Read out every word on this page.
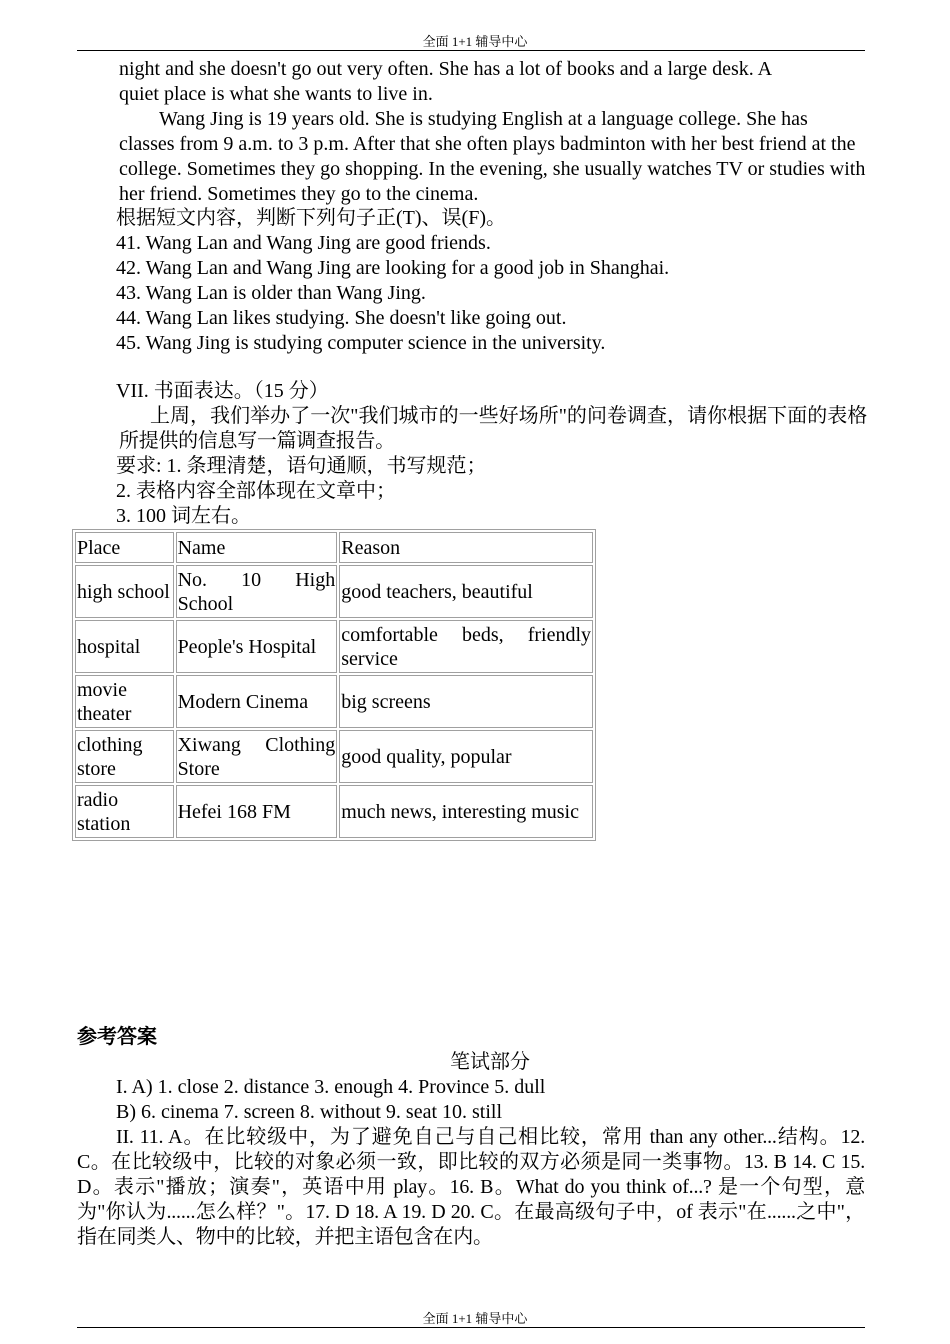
全面 1+1 辅导中心
night and she doesn't go out very often. She has a lot of books and a large desk. A
quiet place is what she wants to live in.
Wang Jing is 19 years old. She is studying English at a language college. She has classes from 9 a.m. to 3 p.m. After that she often plays badminton with her best friend at the college. Sometimes they go shopping. In the evening, she usually watches TV or studies with her friend. Sometimes they go to the cinema.
根据短文内容，判断下列句子正(T)、误(F)。
41. Wang Lan and Wang Jing are good friends.
42. Wang Lan and Wang Jing are looking for a good job in Shanghai.
43. Wang Lan is older than Wang Jing.
44. Wang Lan likes studying. She doesn't like going out.
45. Wang Jing is studying computer science in the university.
VII. 书面表达。（15 分）
上周，我们举办了一次"我们城市的一些好场所"的问卷调查，请你根据下面的表格所提供的信息写一篇调查报告。
要求: 1. 条理清楚，语句通顺，书写规范；
2. 表格内容全部体现在文章中；
3. 100 词左右。
Place	Name	Reason
high school	No. 10 High School	good teachers, beautiful
hospital	People's Hospital	comfortable beds, friendly service
movie theater	Modern Cinema	big screens
clothing store	Xiwang Clothing Store	good quality, popular
radio station	Hefei 168 FM	much news, interesting music
参考答案
笔试部分
I. A) 1. close 2. distance 3. enough 4. Province 5. dull
B) 6. cinema 7. screen 8. without 9. seat 10. still
II. 11. A。在比较级中，为了避免自己与自己相比较，常用 than any other...结构。12. C。在比较级中，比较的对象必须一致，即比较的双方必须是同一类事物。13. B 14. C 15. D。表示"播放；演奏"，英语中用 play。16. B。What do you think of...? 是一个句型，意为"你认为......怎么样？"。17. D 18. A 19. D 20. C。在最高级句子中，of 表示"在......之中"，指在同类人、物中的比较，并把主语包含在内。
全面 1+1 辅导中心
